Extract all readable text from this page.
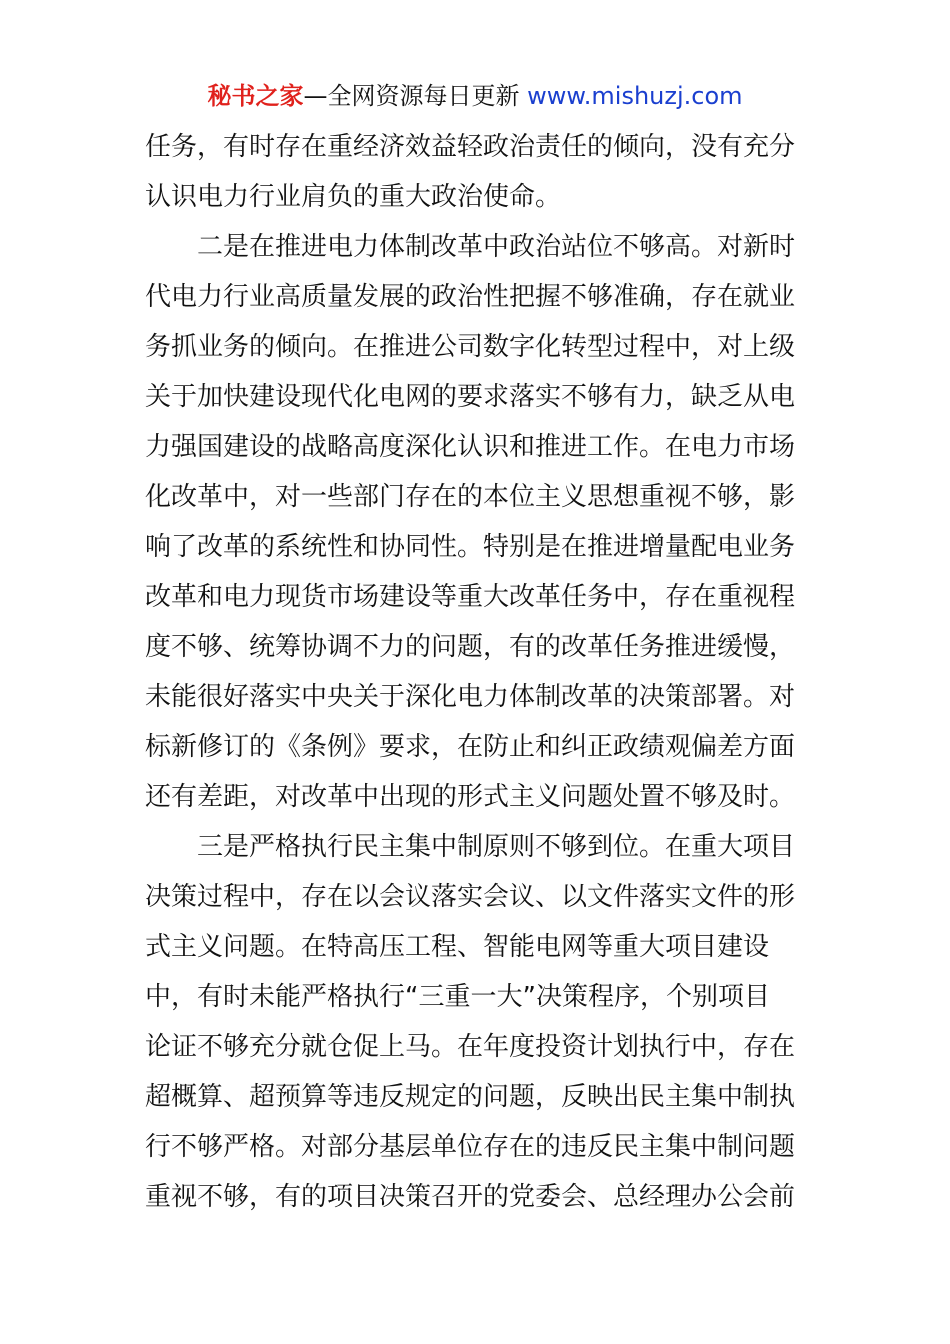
秘书之家—全网资源每日更新 www.mishuzj.com
任务，有时存在重经济效益轻政治责任的倾向，没有充分
认识电力行业肩负的重大政治使命。
二是在推进电力体制改革中政治站位不够高。对新时
代电力行业高质量发展的政治性把握不够准确，存在就业
务抓业务的倾向。在推进公司数字化转型过程中，对上级
关于加快建设现代化电网的要求落实不够有力，缺乏从电
力强国建设的战略高度深化认识和推进工作。在电力市场
化改革中，对一些部门存在的本位主义思想重视不够，影
响了改革的系统性和协同性。特别是在推进增量配电业务
改革和电力现货市场建设等重大改革任务中，存在重视程
度不够、统筹协调不力的问题，有的改革任务推进缓慢，
未能很好落实中央关于深化电力体制改革的决策部署。对
标新修订的《条例》要求，在防止和纠正政绩观偏差方面
还有差距，对改革中出现的形式主义问题处置不够及时。
三是严格执行民主集中制原则不够到位。在重大项目
决策过程中，存在以会议落实会议、以文件落实文件的形
式主义问题。在特高压工程、智能电网等重大项目建设
中，有时未能严格执行“三重一大”决策程序，个别项目
论证不够充分就仓促上马。在年度投资计划执行中，存在
超概算、超预算等违反规定的问题，反映出民主集中制执
行不够严格。对部分基层单位存在的违反民主集中制问题
重视不够，有的项目决策召开的党委会、总经理办公会前
